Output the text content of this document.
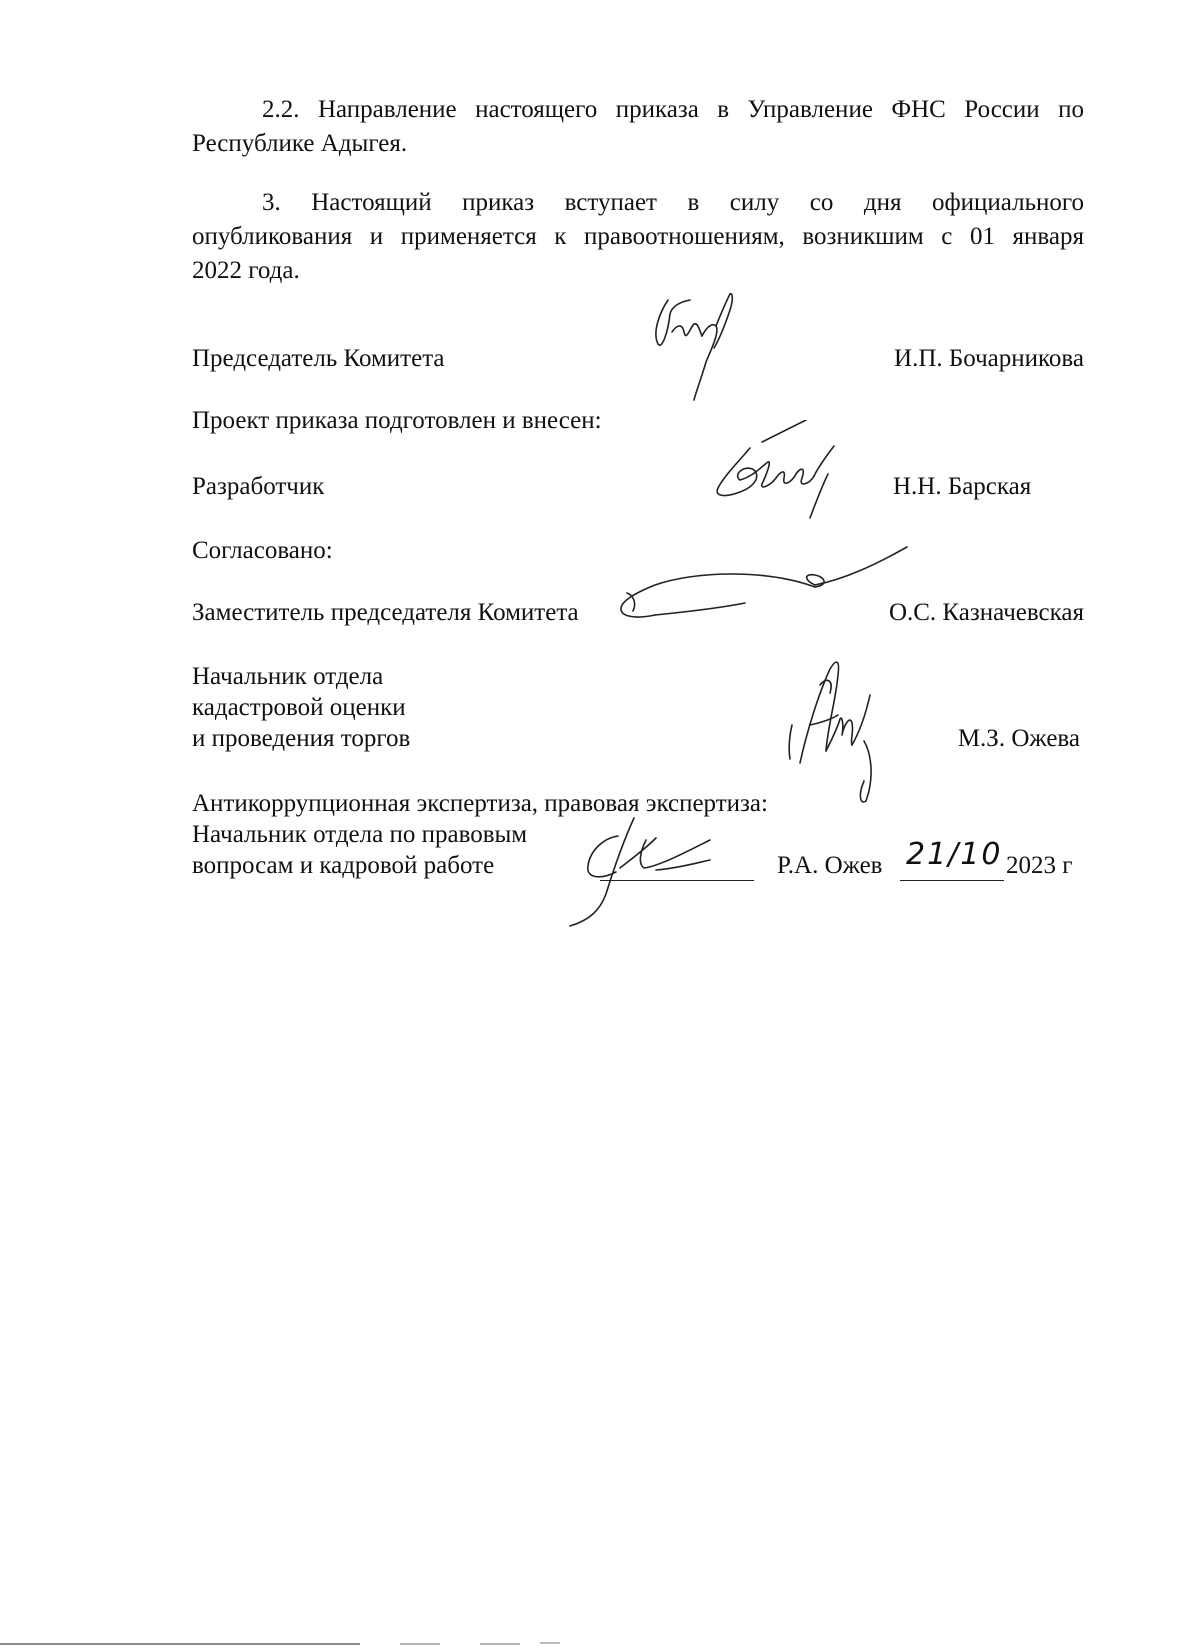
2.2. Направление настоящего приказа в Управление ФНС России по
Республике Адыгея.
3. Настоящий приказ вступает в силу со дня официального
опубликования и применяется к правоотношениям, возникшим с 01 января
2022 года.
Председатель Комитета	И.П. Бочарникова
Проект приказа подготовлен и внесен:
Разработчик	Н.Н. Барская
Согласовано:
Заместитель председателя Комитета	О.С. Казначевская
Начальник отдела
кадастровой оценки
и проведения торгов	М.З. Ожева
Антикоррупционная экспертиза, правовая экспертиза:
Начальник отдела по правовым
вопросам и кадровой работе	Р.А. Ожев 21/10 2023 г
